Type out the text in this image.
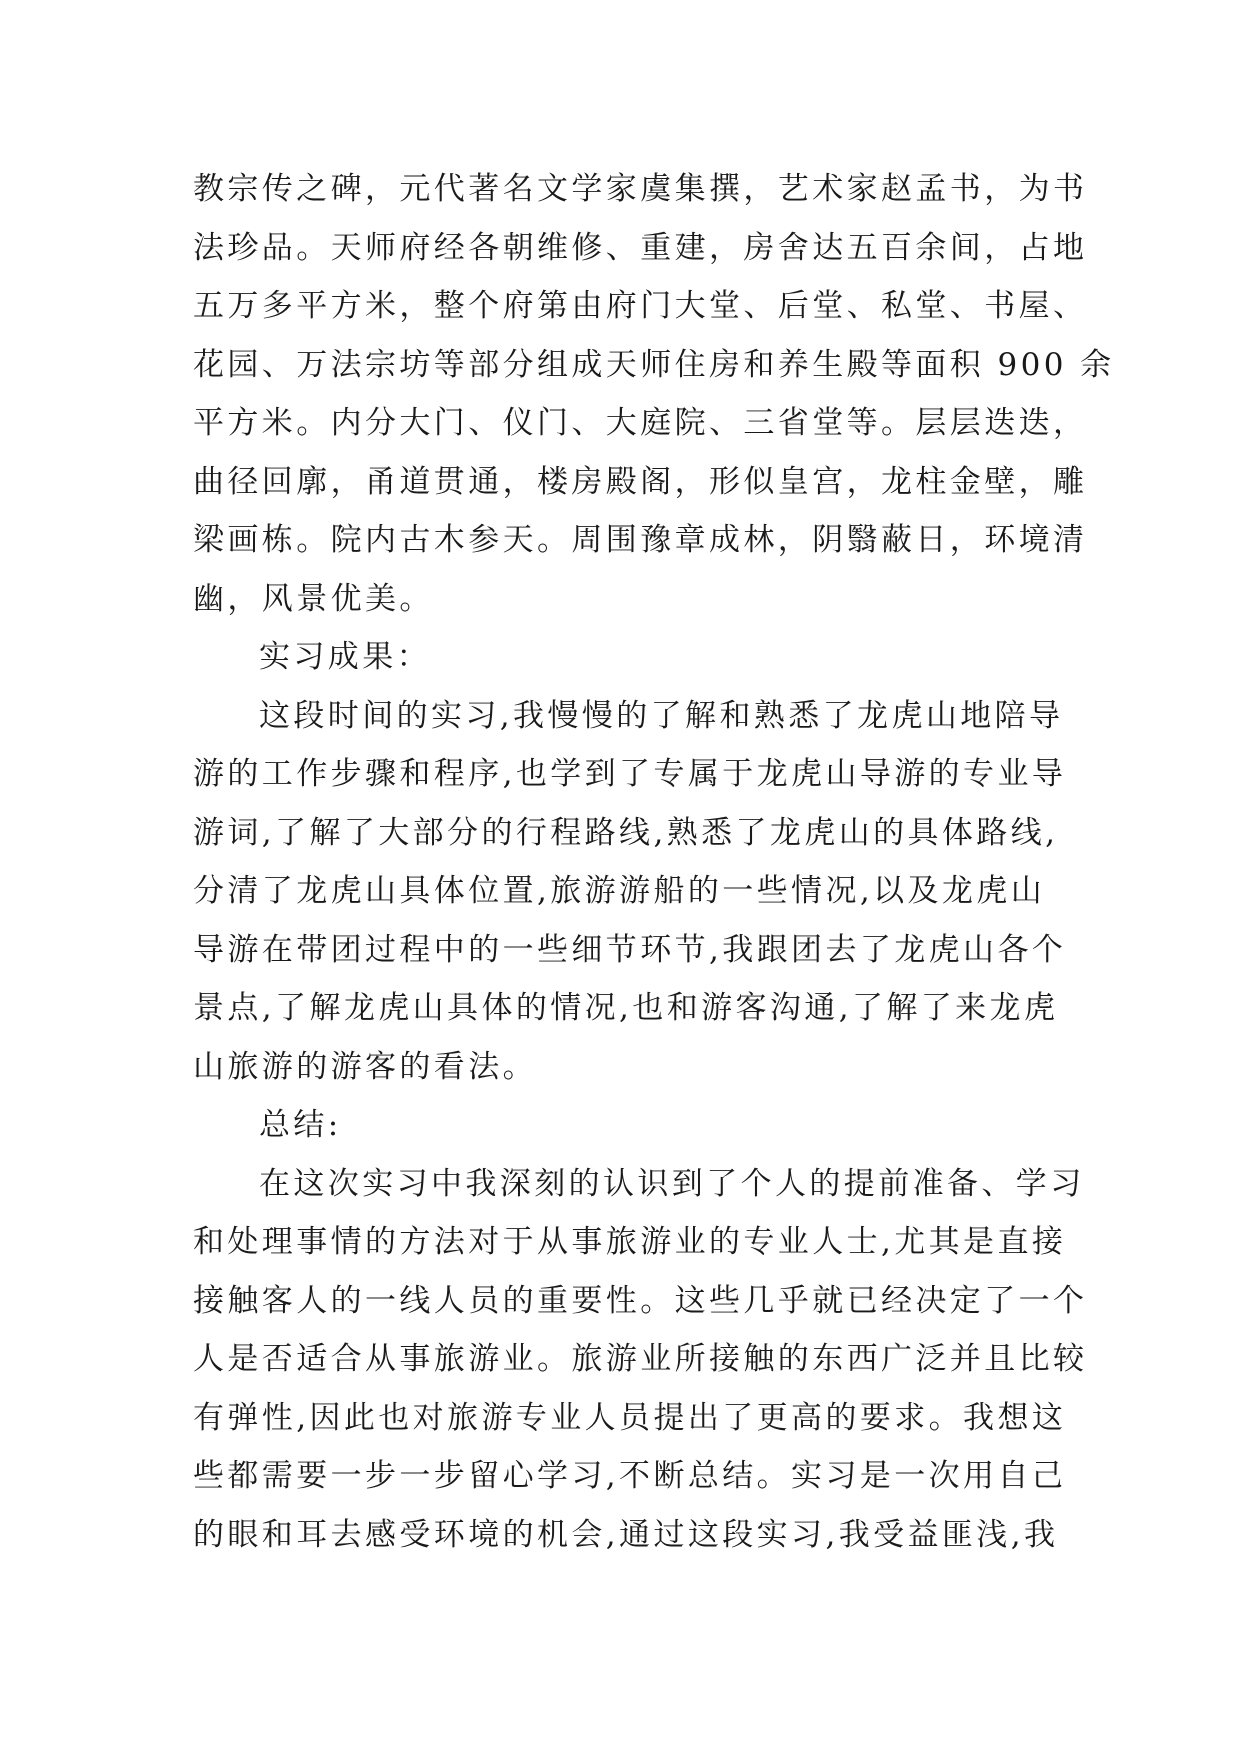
教宗传之碑，元代著名文学家虞集撰，艺术家赵孟书，为书
法珍品。天师府经各朝维修、重建，房舍达五百余间，占地
五万多平方米，整个府第由府门大堂、后堂、私堂、书屋、
花园、万法宗坊等部分组成天师住房和养生殿等面积 900 余
平方米。内分大门、仪门、大庭院、三省堂等。层层迭迭，
曲径回廓，甬道贯通，楼房殿阁，形似皇宫，龙柱金壁，雕
梁画栋。院内古木参天。周围豫章成林，阴翳蔽日，环境清
幽，风景优美。
实习成果：
这段时间的实习,我慢慢的了解和熟悉了龙虎山地陪导
游的工作步骤和程序,也学到了专属于龙虎山导游的专业导
游词,了解了大部分的行程路线,熟悉了龙虎山的具体路线,
分清了龙虎山具体位置,旅游游船的一些情况,以及龙虎山
导游在带团过程中的一些细节环节,我跟团去了龙虎山各个
景点,了解龙虎山具体的情况,也和游客沟通,了解了来龙虎
山旅游的游客的看法。
总结:
在这次实习中我深刻的认识到了个人的提前准备、学习
和处理事情的方法对于从事旅游业的专业人士,尤其是直接
接触客人的一线人员的重要性。这些几乎就已经决定了一个
人是否适合从事旅游业。旅游业所接触的东西广泛并且比较
有弹性,因此也对旅游专业人员提出了更高的要求。我想这
些都需要一步一步留心学习,不断总结。实习是一次用自己
的眼和耳去感受环境的机会,通过这段实习,我受益匪浅,我
